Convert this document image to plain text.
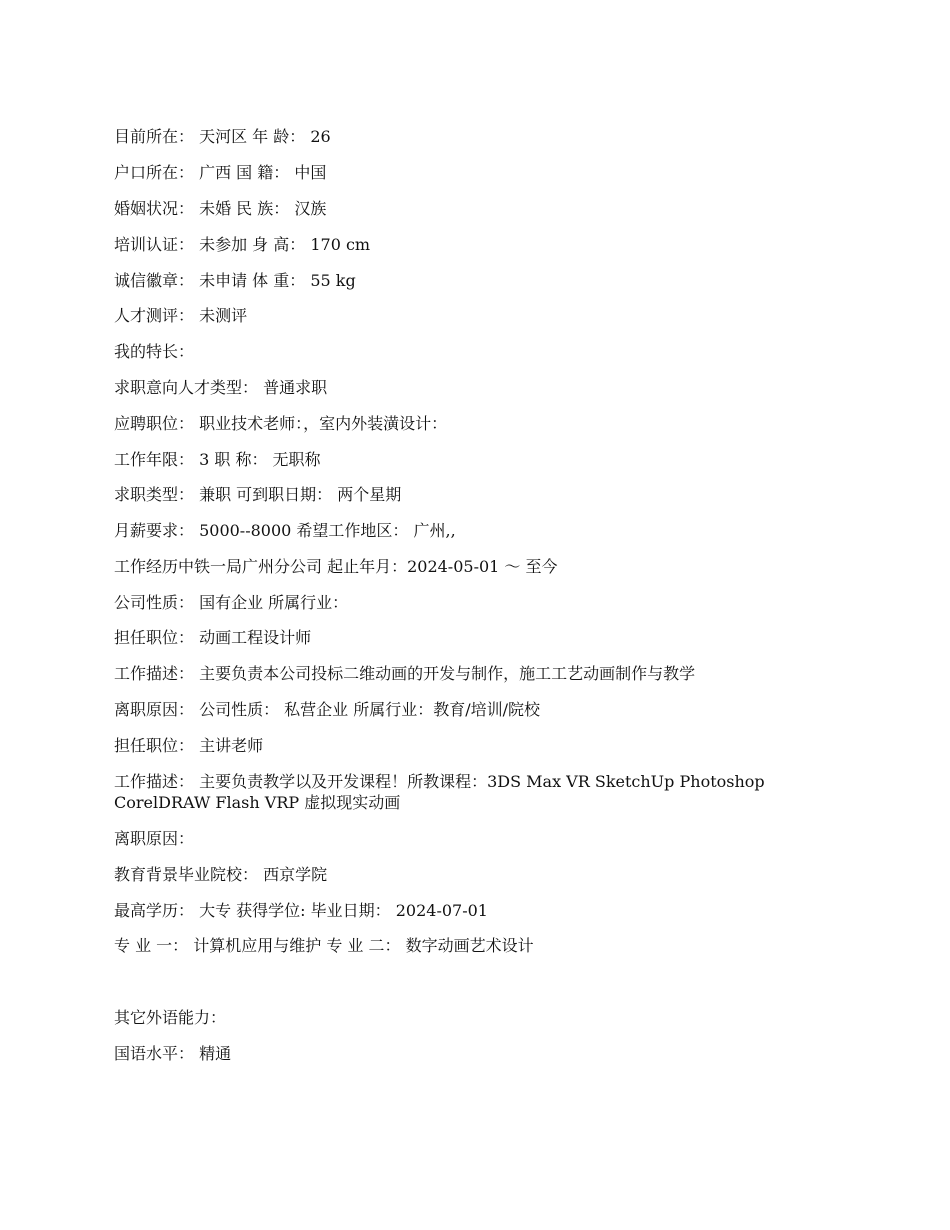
目前所在： 天河区 年 龄： 26
户口所在： 广西 国 籍： 中国
婚姻状况： 未婚 民 族： 汉族
培训认证： 未参加 身 高： 170 cm
诚信徽章： 未申请 体 重： 55 kg
人才测评： 未测评
我的特长：
求职意向人才类型： 普通求职
应聘职位： 职业技术老师：，室内外装潢设计：
工作年限： 3 职 称： 无职称
求职类型： 兼职 可到职日期： 两个星期
月薪要求： 5000--8000 希望工作地区： 广州,,
工作经历中铁一局广州分公司 起止年月：2024-05-01 ～ 至今
公司性质： 国有企业 所属行业：
担任职位： 动画工程设计师
工作描述： 主要负责本公司投标二维动画的开发与制作，施工工艺动画制作与教学
离职原因： 公司性质： 私营企业 所属行业：教育/培训/院校
担任职位： 主讲老师
工作描述： 主要负责教学以及开发课程！所教课程：3DS Max VR SketchUp Photoshop CorelDRAW Flash VRP 虚拟现实动画
离职原因：
教育背景毕业院校： 西京学院
最高学历： 大专 获得学位: 毕业日期： 2024-07-01
专 业 一： 计算机应用与维护 专 业 二： 数字动画艺术设计
其它外语能力：
国语水平： 精通
